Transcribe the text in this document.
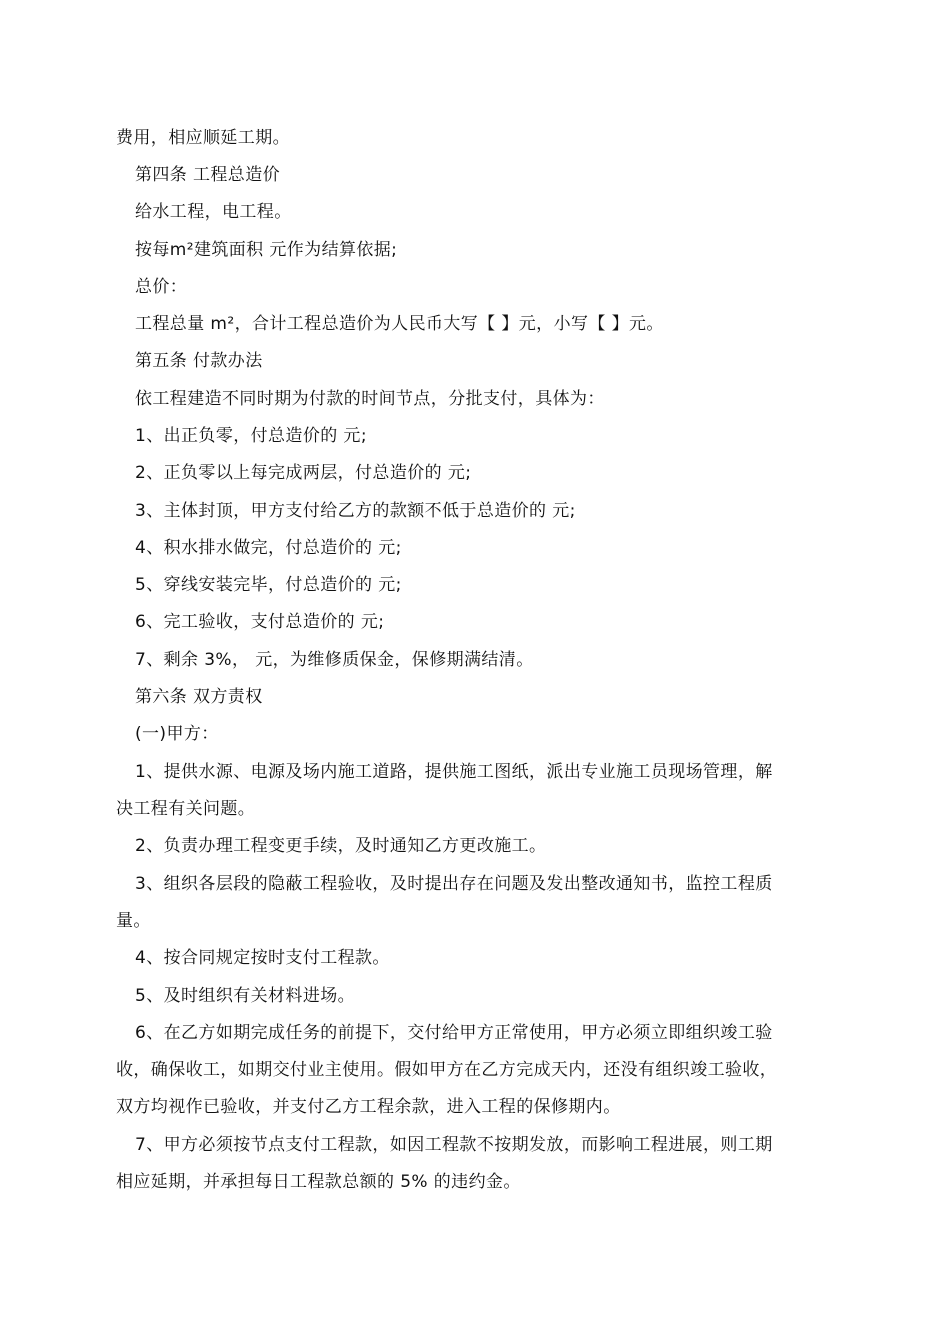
费用，相应顺延工期。
第四条 工程总造价
给水工程，电工程。
按每m²建筑面积 元作为结算依据;
总价：
工程总量 m²，合计工程总造价为人民币大写【 】元，小写【 】元。
第五条 付款办法
依工程建造不同时期为付款的时间节点，分批支付，具体为：
1、出正负零，付总造价的 元;
2、正负零以上每完成两层，付总造价的 元;
3、主体封顶，甲方支付给乙方的款额不低于总造价的 元;
4、积水排水做完，付总造价的 元;
5、穿线安装完毕，付总造价的 元;
6、完工验收，支付总造价的 元;
7、剩余 3%， 元，为维修质保金，保修期满结清。
第六条 双方责权
(一)甲方：
1、提供水源、电源及场内施工道路，提供施工图纸，派出专业施工员现场管理，解
决工程有关问题。
2、负责办理工程变更手续，及时通知乙方更改施工。
3、组织各层段的隐蔽工程验收，及时提出存在问题及发出整改通知书，监控工程质
量。
4、按合同规定按时支付工程款。
5、及时组织有关材料进场。
6、在乙方如期完成任务的前提下，交付给甲方正常使用，甲方必须立即组织竣工验
收，确保收工，如期交付业主使用。假如甲方在乙方完成天内，还没有组织竣工验收，
双方均视作已验收，并支付乙方工程余款，进入工程的保修期内。
7、甲方必须按节点支付工程款，如因工程款不按期发放，而影响工程进展，则工期
相应延期，并承担每日工程款总额的 5% 的违约金。
